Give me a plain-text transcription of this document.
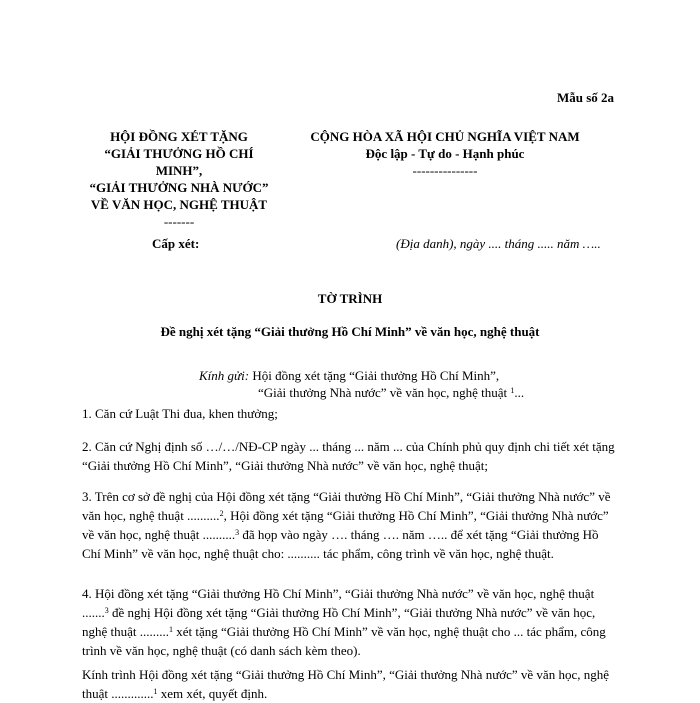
Mẫu số 2a
HỘI ĐỒNG XÉT TẶNG
“GIẢI THƯỞNG HỒ CHÍ
MINH”,
“GIẢI THƯỞNG NHÀ NƯỚC”
VỀ VĂN HỌC, NGHỆ THUẬT
-------
Cấp xét:
CỘNG HÒA XÃ HỘI CHỦ NGHĨA VIỆT NAM
Độc lập - Tự do - Hạnh phúc
---------------
(Địa danh), ngày .... tháng ..... năm …..
TỜ TRÌNH
Đề nghị xét tặng “Giải thưởng Hồ Chí Minh” về văn học, nghệ thuật
Kính gửi: Hội đồng xét tặng “Giải thưởng Hồ Chí Minh”,
“Giải thưởng Nhà nước” về văn học, nghệ thuật $^1$...
1. Căn cứ Luật Thi đua, khen thưởng;
2. Căn cứ Nghị định số …/…/NĐ-CP ngày ... tháng ... năm ... của Chính phủ quy định chi tiết xét tặng “Giải thưởng Hồ Chí Minh”, “Giải thưởng Nhà nước” về văn học, nghệ thuật;
3. Trên cơ sở đề nghị của Hội đồng xét tặng “Giải thưởng Hồ Chí Minh”, “Giải thưởng Nhà nước” về văn học, nghệ thuật ..........$^2$, Hội đồng xét tặng “Giải thưởng Hồ Chí Minh”, “Giải thưởng Nhà nước” về văn học, nghệ thuật ..........$^3$ đã họp vào ngày …. tháng …. năm ….. để xét tặng “Giải thưởng Hồ Chí Minh” về văn học, nghệ thuật cho: .......... tác phẩm, công trình về văn học, nghệ thuật.
4. Hội đồng xét tặng “Giải thưởng Hồ Chí Minh”, “Giải thưởng Nhà nước” về văn học, nghệ thuật .......$^3$ đề nghị Hội đồng xét tặng “Giải thưởng Hồ Chí Minh”, “Giải thưởng Nhà nước” về văn học, nghệ thuật .........$^1$ xét tặng “Giải thưởng Hồ Chí Minh” về văn học, nghệ thuật cho ... tác phẩm, công trình về văn học, nghệ thuật (có danh sách kèm theo).
Kính trình Hội đồng xét tặng “Giải thưởng Hồ Chí Minh”, “Giải thưởng Nhà nước” về văn học, nghệ thuật .............$^1$ xem xét, quyết định.
